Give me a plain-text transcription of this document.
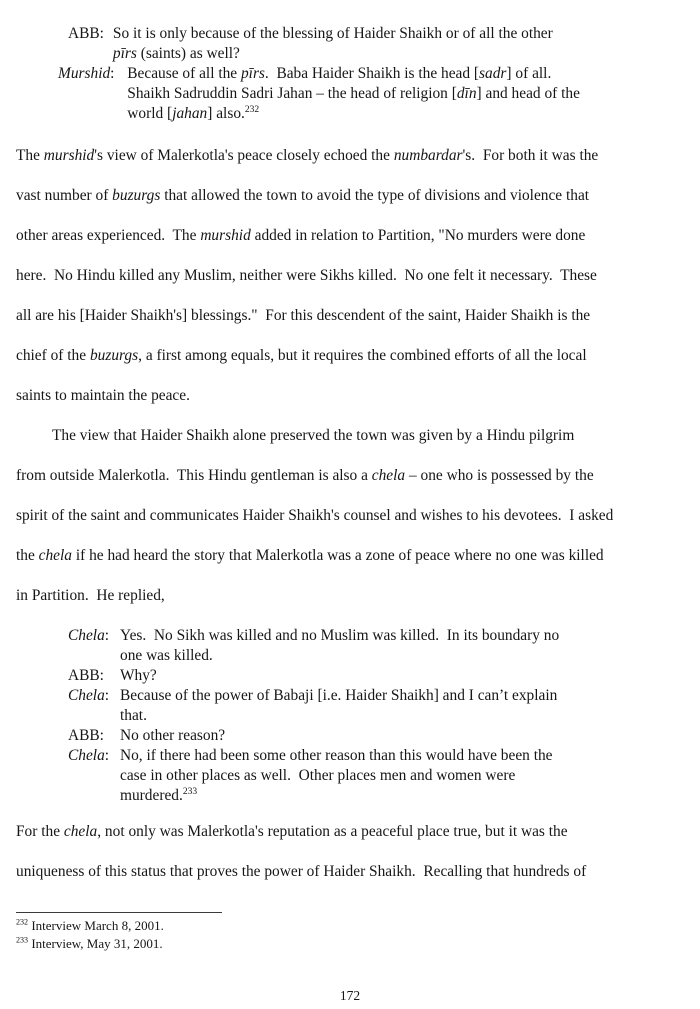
ABB: So it is only because of the blessing of Haider Shaikh or of all the other
pīrs (saints) as well?
Murshid: Because of all the pīrs.  Baba Haider Shaikh is the head [sadr] of all.
Shaikh Sadruddin Sadri Jahan – the head of religion [dīn] and head of the
world [jahan] also.$^{232}$
The murshid's view of Malerkotla's peace closely echoed the numbardar's.  For both it was the
vast number of buzurgs that allowed the town to avoid the type of divisions and violence that
other areas experienced.  The murshid added in relation to Partition, "No murders were done
here.  No Hindu killed any Muslim, neither were Sikhs killed.  No one felt it necessary.  These
all are his [Haider Shaikh's] blessings."  For this descendent of the saint, Haider Shaikh is the
chief of the buzurgs, a first among equals, but it requires the combined efforts of all the local
saints to maintain the peace.
The view that Haider Shaikh alone preserved the town was given by a Hindu pilgrim
from outside Malerkotla.  This Hindu gentleman is also a chela – one who is possessed by the
spirit of the saint and communicates Haider Shaikh's counsel and wishes to his devotees.  I asked
the chela if he had heard the story that Malerkotla was a zone of peace where no one was killed
in Partition.  He replied,
Chela: Yes.  No Sikh was killed and no Muslim was killed.  In its boundary no
one was killed.
ABB:	Why?
Chela: Because of the power of Babaji [i.e. Haider Shaikh] and I can’t explain
that.
ABB:	No other reason?
Chela: No, if there had been some other reason than this would have been the
case in other places as well.  Other places men and women were
murdered.$^{233}$
For the chela, not only was Malerkotla's reputation as a peaceful place true, but it was the
uniqueness of this status that proves the power of Haider Shaikh.  Recalling that hundreds of
$^{232}$ Interview March 8, 2001.
$^{233}$ Interview, May 31, 2001.
172
